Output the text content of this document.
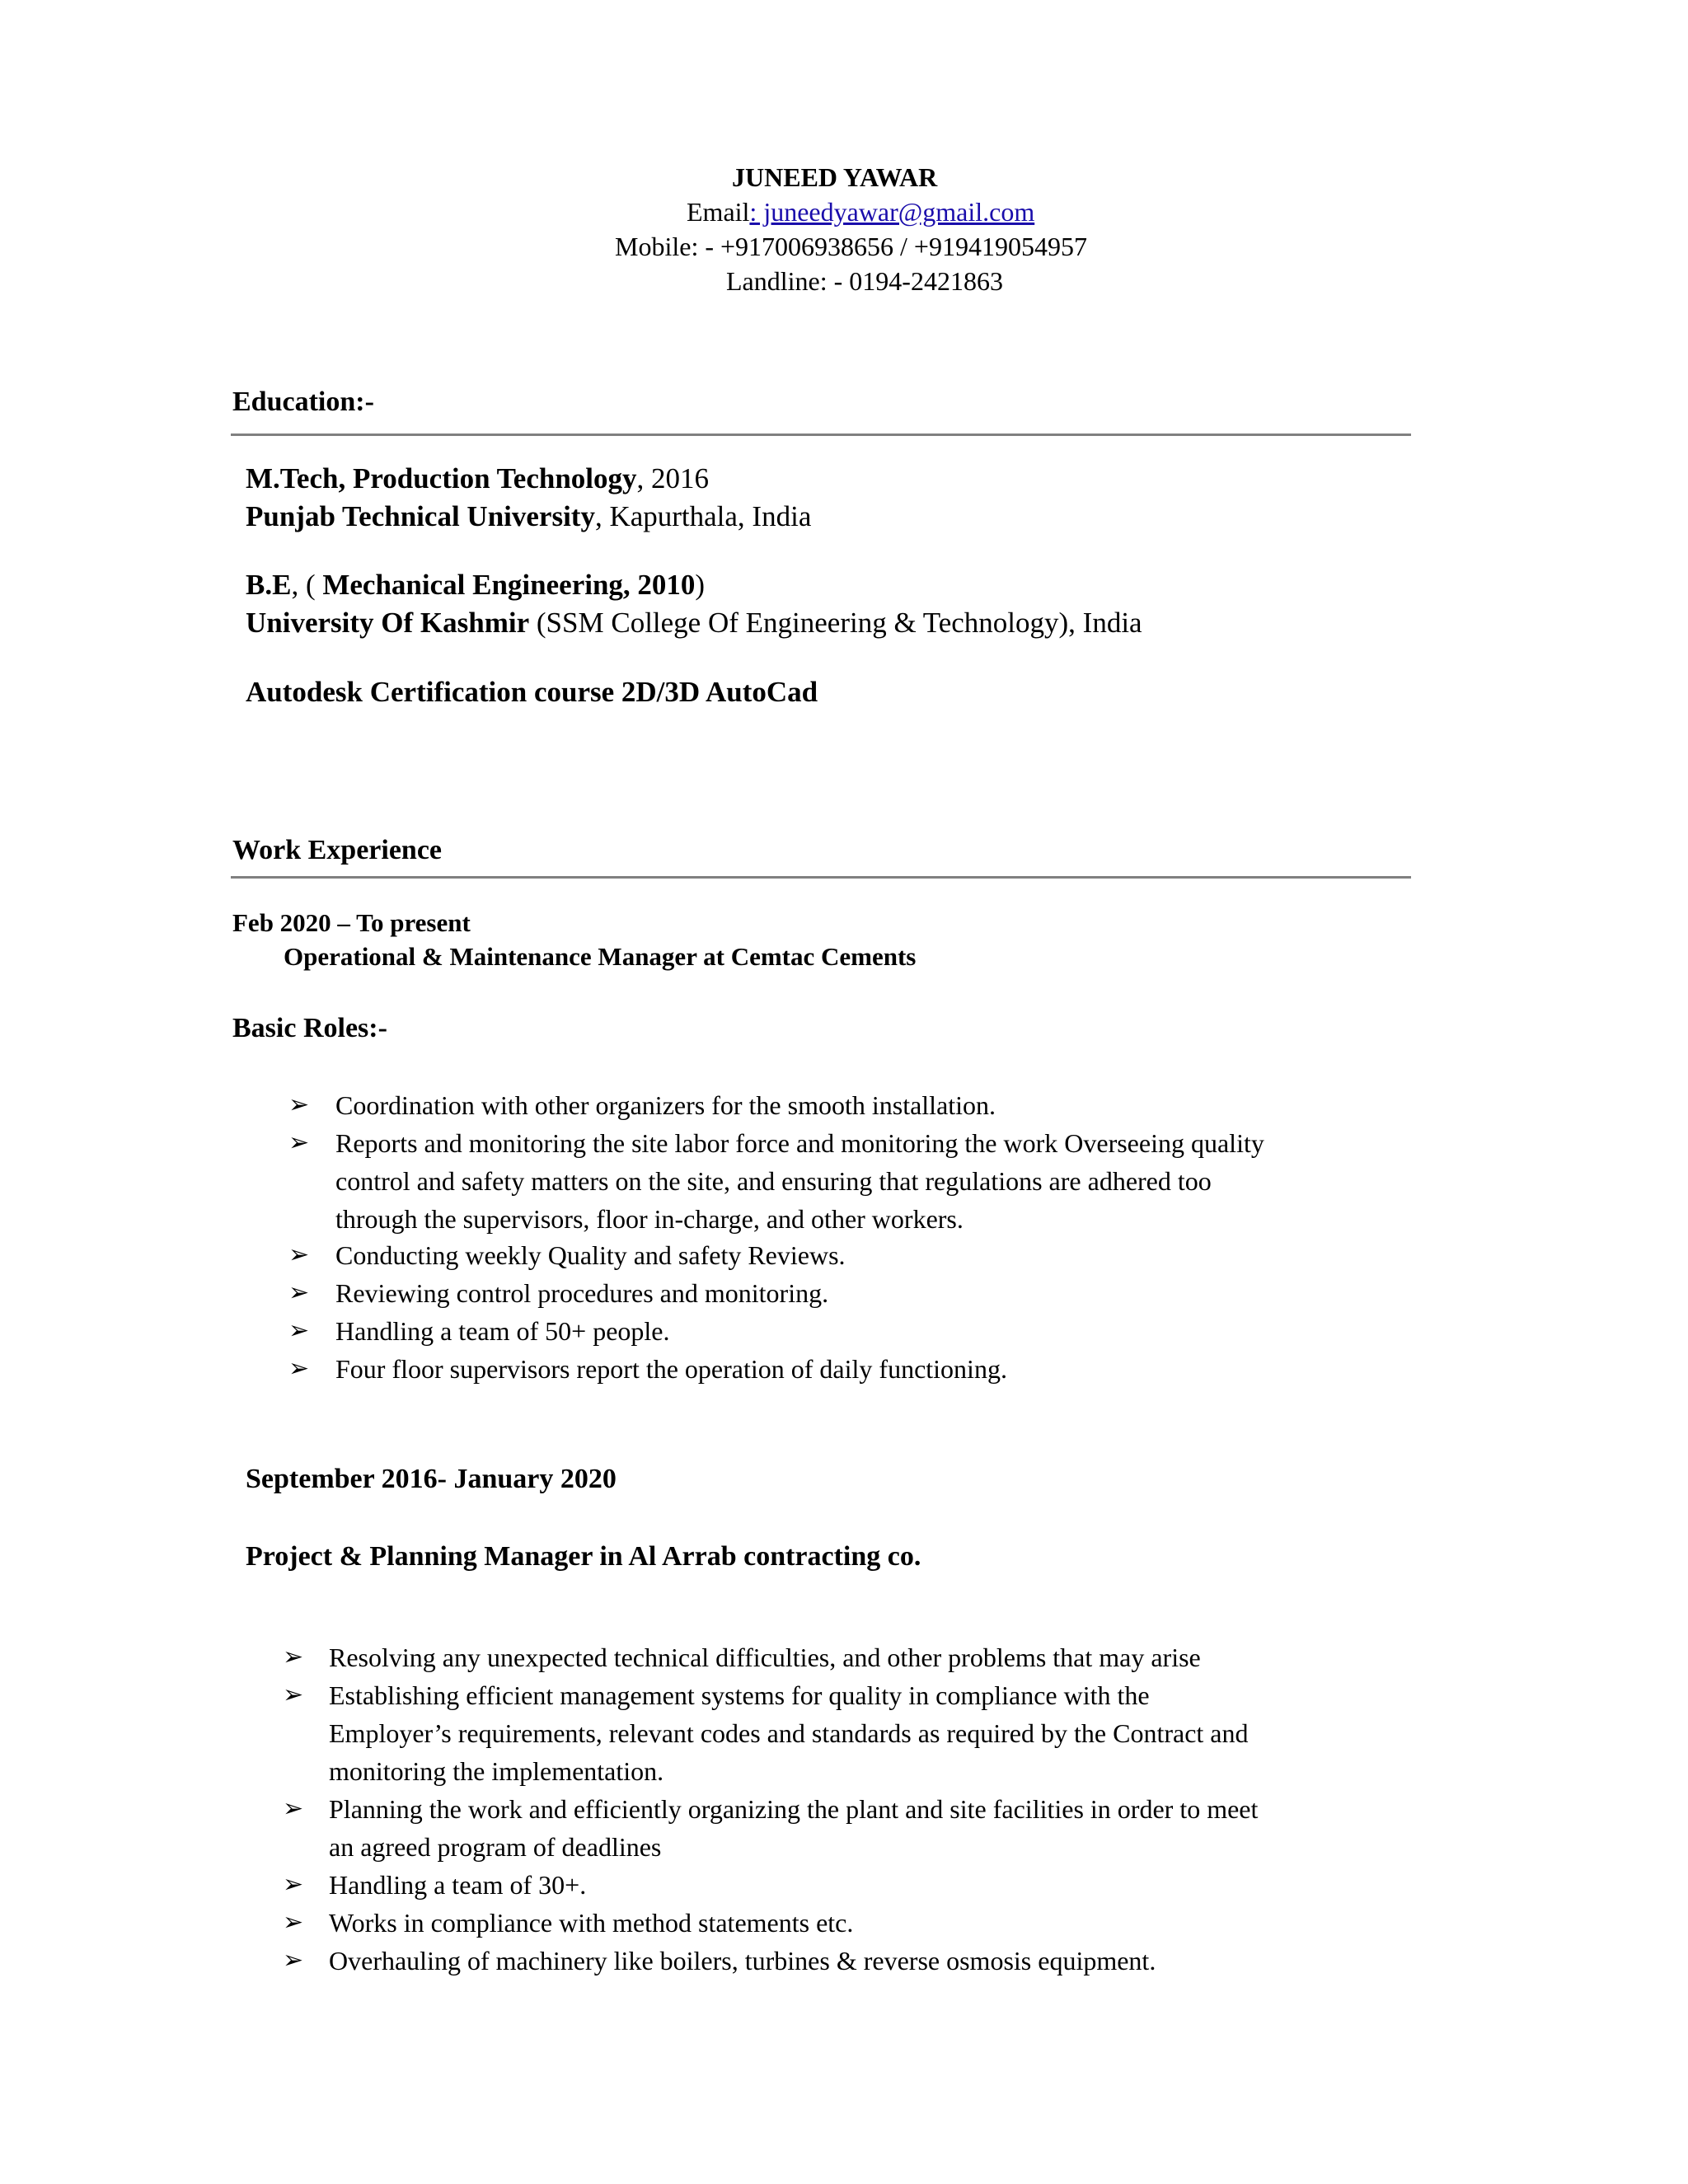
JUNEED YAWAR
Email: juneedyawar@gmail.com
Mobile: - +917006938656 / +919419054957
Landline: - 0194-2421863
Education:-
M.Tech, Production Technology, 2016
Punjab Technical University, Kapurthala, India
B.E, ( Mechanical Engineering, 2010)
University Of Kashmir (SSM College Of Engineering & Technology), India
Autodesk Certification course 2D/3D AutoCad
Work Experience
Feb 2020 – To present
Operational & Maintenance Manager at Cemtac Cements
Basic Roles:-
➢ Coordination with other organizers for the smooth installation.
➢ Reports and monitoring the site labor force and monitoring the work Overseeing quality
control and safety matters on the site, and ensuring that regulations are adhered too
through the supervisors, floor in-charge, and other workers.
➢ Conducting weekly Quality and safety Reviews.
➢ Reviewing control procedures and monitoring.
➢ Handling a team of 50+ people.
➢ Four floor supervisors report the operation of daily functioning.
September 2016- January 2020
Project & Planning Manager in Al Arrab contracting co.
➢ Resolving any unexpected technical difficulties, and other problems that may arise
➢ Establishing efficient management systems for quality in compliance with the
Employer’s requirements, relevant codes and standards as required by the Contract and
monitoring the implementation.
➢ Planning the work and efficiently organizing the plant and site facilities in order to meet
an agreed program of deadlines
➢ Handling a team of 30+.
➢ Works in compliance with method statements etc.
➢ Overhauling of machinery like boilers, turbines & reverse osmosis equipment.
